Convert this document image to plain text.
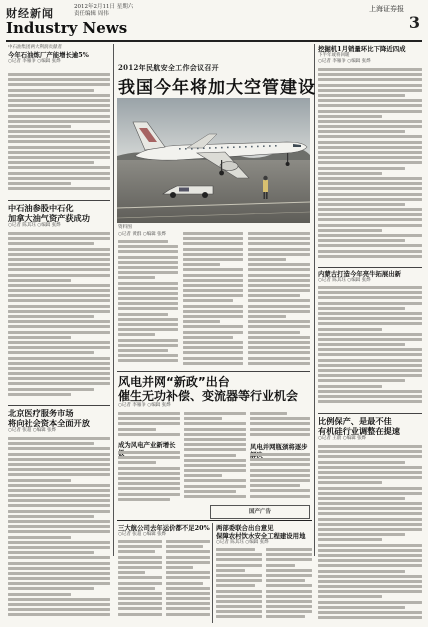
财经新闻	2012年2月11日 星期六
责任编辑 周伟
Industry News
上海证券报
3
中石油集团两大利润贡献者
今年石油炼厂产能增长逾5%
○记者 李雁争 ○编辑 张烨
中石油参股中石化
加拿大油气资产获成功
○记者 陈其珏 ○编辑 张烨
北京医疗服务市场
将向社会资本全面开放
○记者 张超 ○编辑 张烨
2012年民航安全工作会议召开
我国今年将加大空管建设
资料图
○记者 黄群 ○编辑 张烨
风电并网“新政”出台
催生无功补偿、变流器等行业机会
○记者 李雁争 ○编辑 张烨
成为风电产业新增长	风电并网瓶颈将逐步
国产广告
挖掘机1月销量环比下降近四成
下半年或将回暖
○记者 李雁争 ○编辑 张烨
内蒙古打造今年亮牛拓展出新
○记者 陈其珏 ○编辑 张烨
比例保产、是最不佳
有机硅行业调整在提速
○记者 王蔚 ○编辑 张烨
三大航公司去年运价都不足20%
○记者 张超 ○编辑 张烨
两部委联合出台意见
保障农村饮水安全工程建设用地
○记者 陈其珏 ○编辑 张烨
